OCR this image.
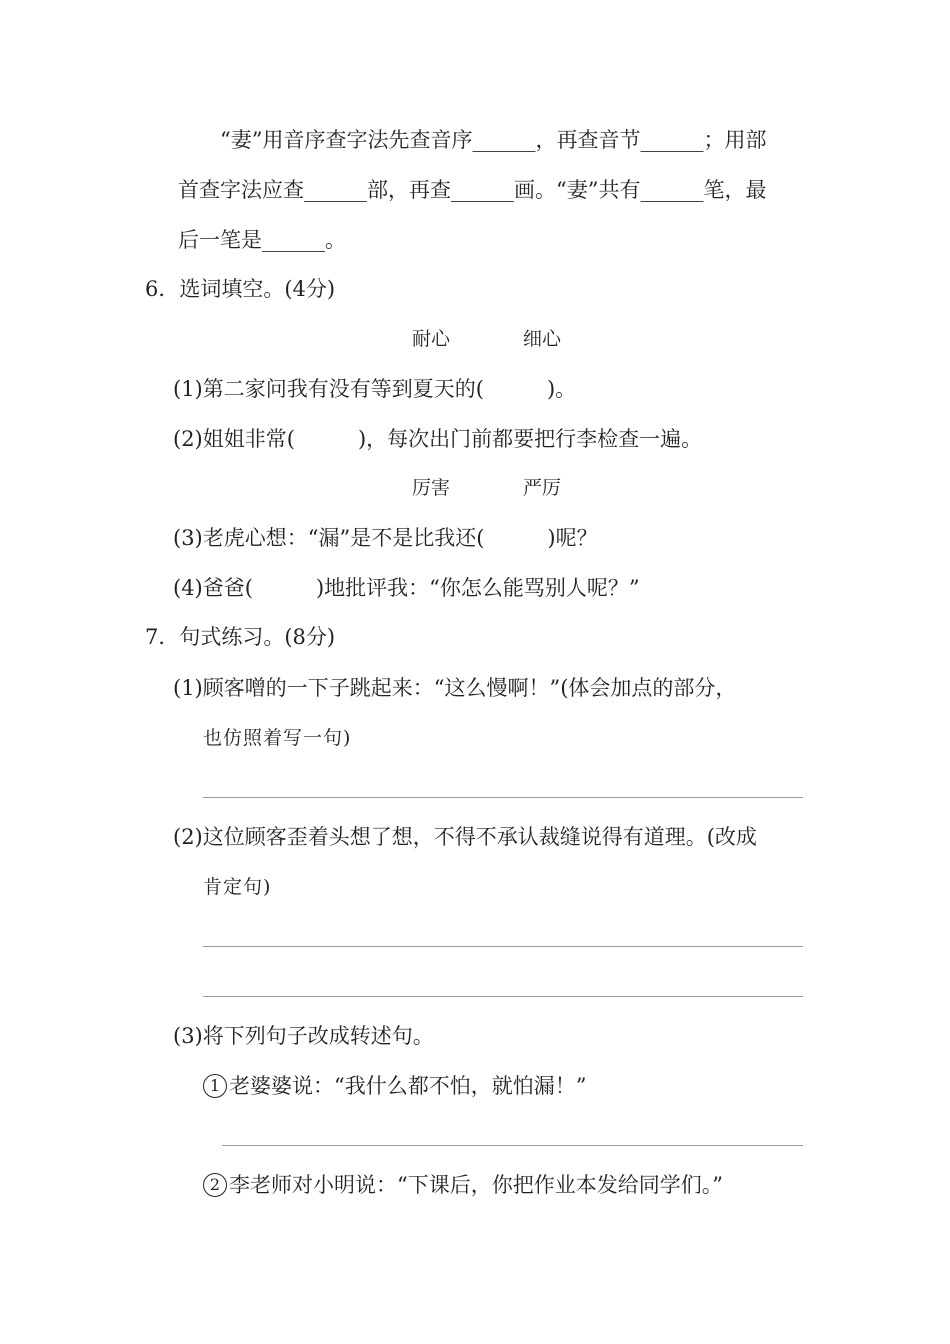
“妻”用音序查字法先查音序______，再查音节______；用部
首查字法应查______部，再查______画。“妻”共有______笔，最
后一笔是______。
6．选词填空。(4分)
耐心	细心
(1)第二家问我有没有等到夏天的(　　　)。
(2)姐姐非常(　　　)，每次出门前都要把行李检查一遍。
厉害	严厉
(3)老虎心想：“漏”是不是比我还(　　　)呢？
(4)爸爸(　　　)地批评我：“你怎么能骂别人呢？”
7．句式练习。(8分)
(1)顾客噌的一下子跳起来：“这么慢啊！”(体会加点的部分，
也仿照着写一句)
(2)这位顾客歪着头想了想，不得不承认裁缝说得有道理。(改成
肯定句)
(3)将下列句子改成转述句。
1 老婆婆说：“我什么都不怕，就怕漏！”
2 李老师对小明说：“下课后，你把作业本发给同学们。”
